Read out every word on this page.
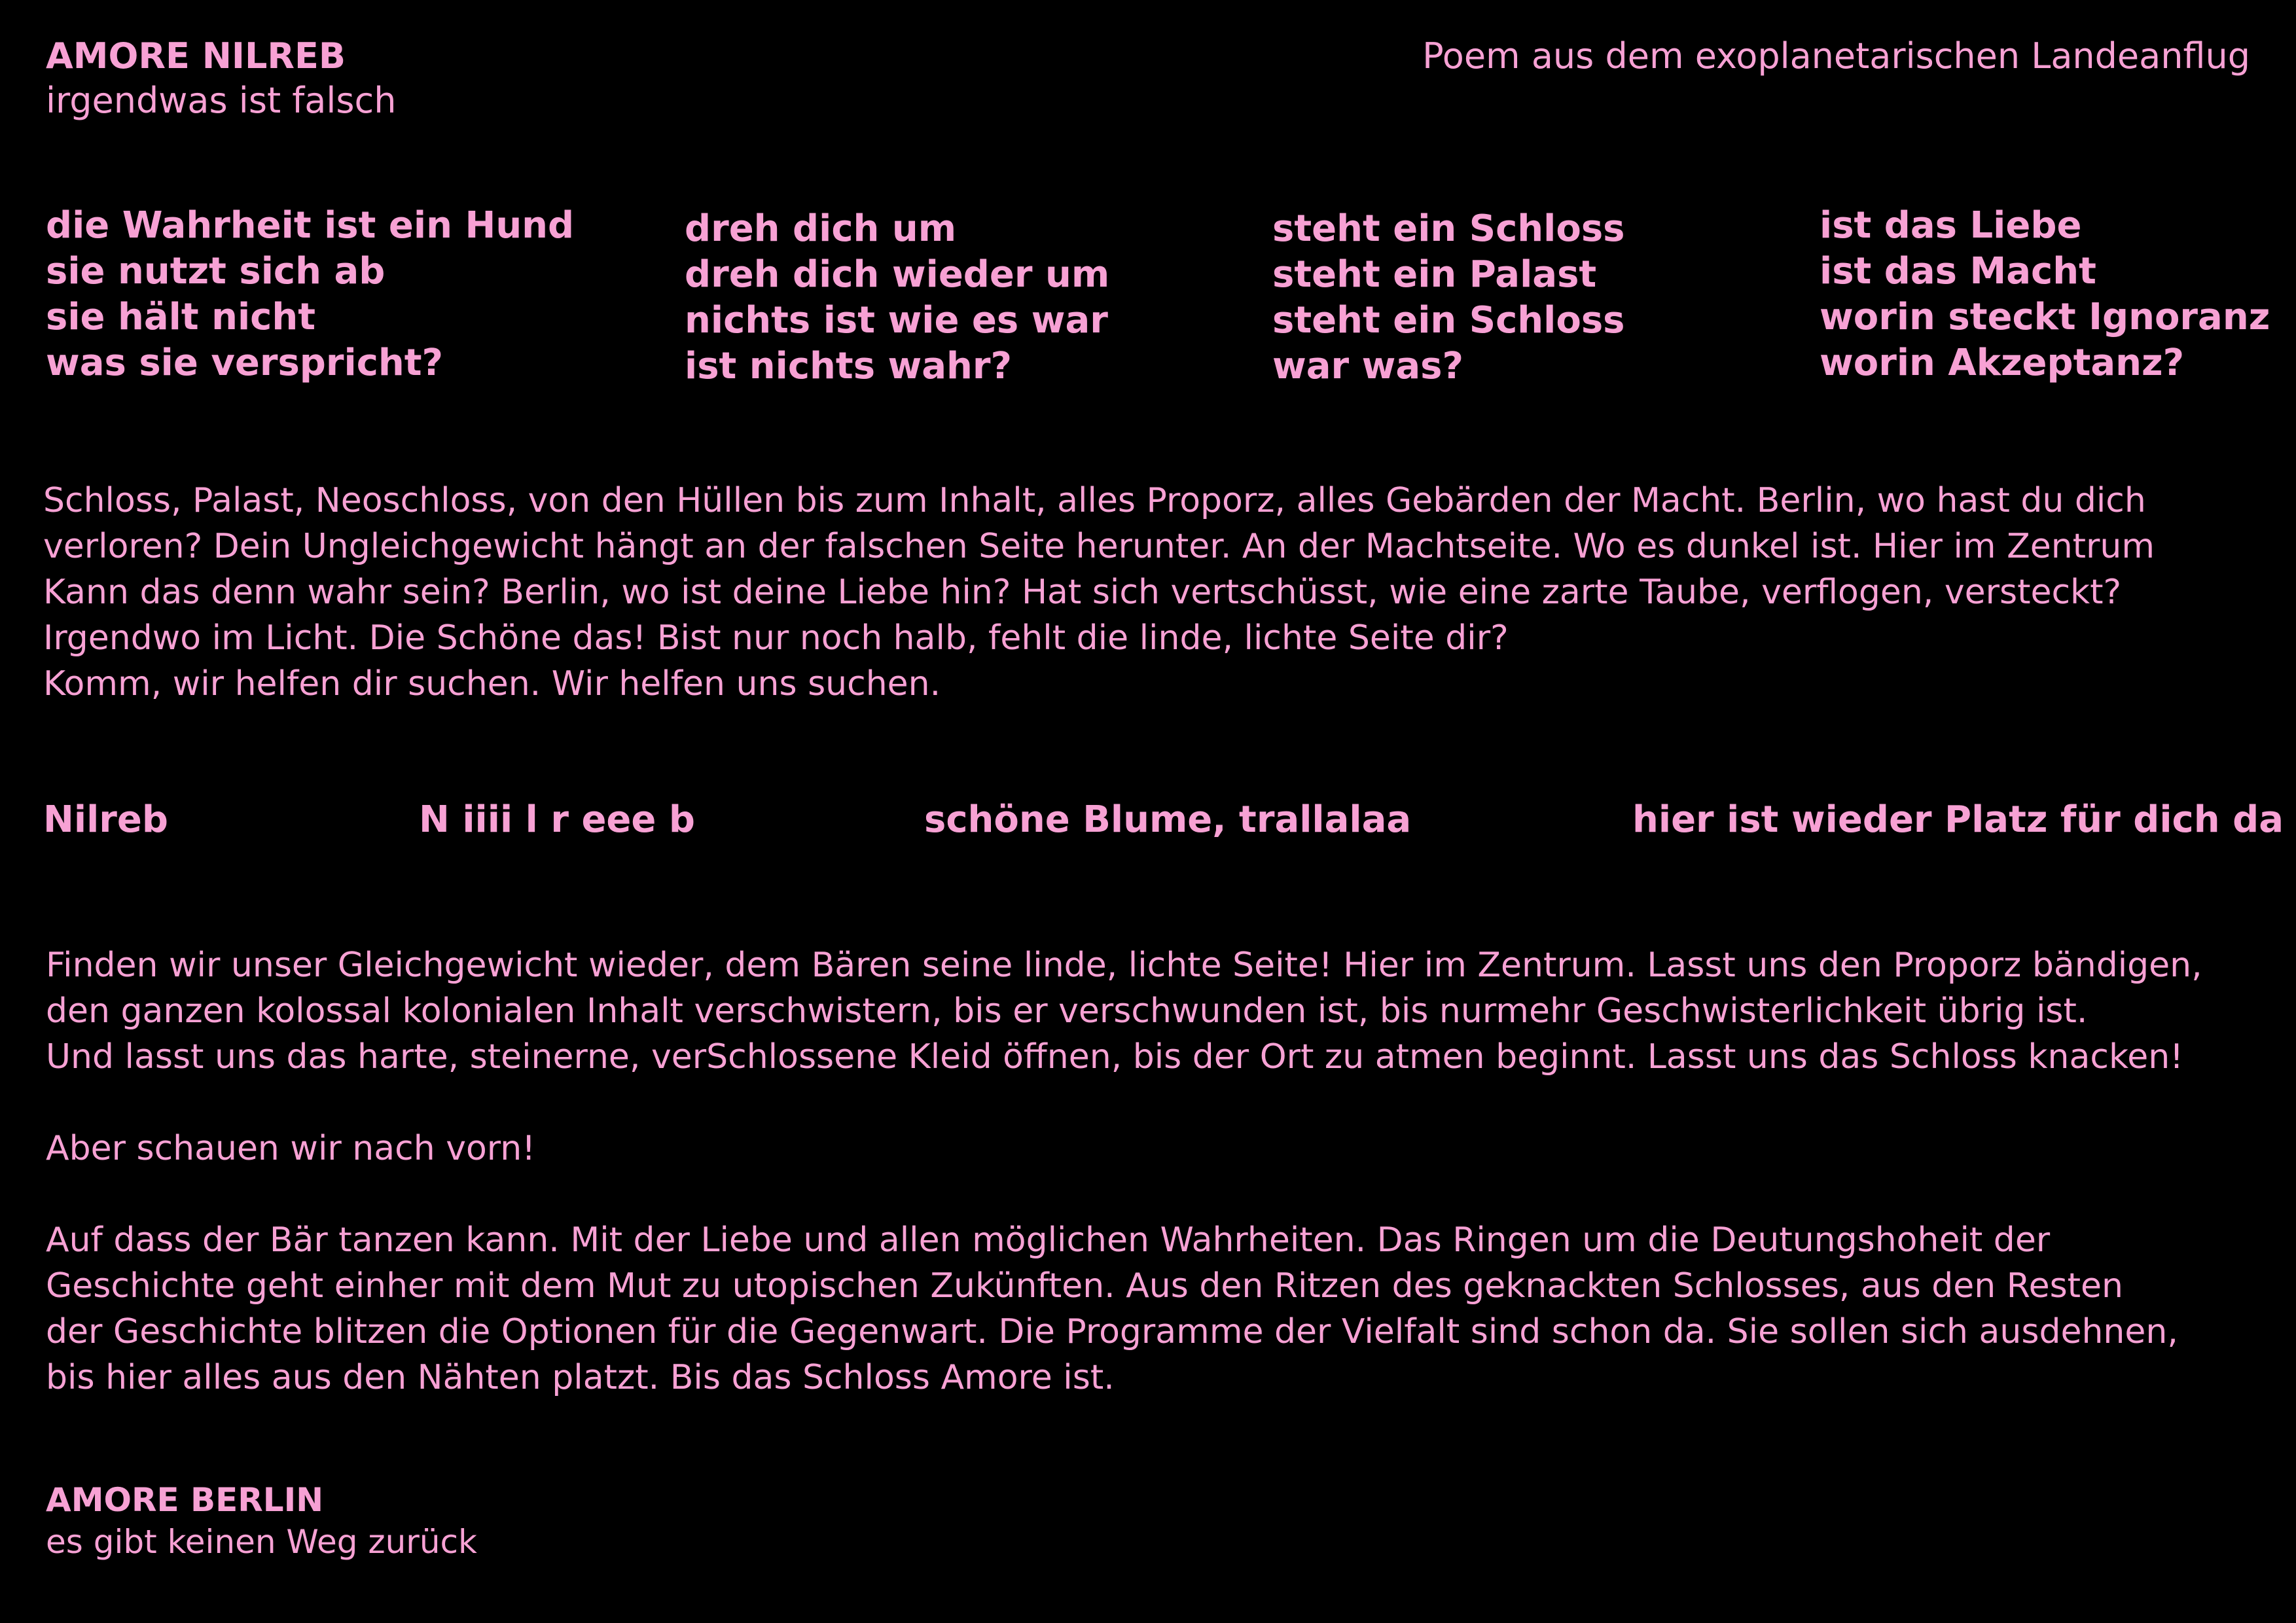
AMORE NILREB
irgendwas ist falsch
Poem aus dem exoplanetarischen Landeanflug
die Wahrheit ist ein Hund
sie nutzt sich ab
sie hält nicht
was sie verspricht?
dreh dich um
dreh dich wieder um
nichts ist wie es war
ist nichts wahr?
steht ein Schloss
steht ein Palast
steht ein Schloss
war was?
ist das Liebe
ist das Macht
worin steckt Ignoranz
worin Akzeptanz?
Schloss, Palast, Neoschloss, von den Hüllen bis zum Inhalt, alles Proporz, alles Gebärden der Macht. Berlin, wo hast du dich
verloren? Dein Ungleichgewicht hängt an der falschen Seite herunter. An der Machtseite. Wo es dunkel ist. Hier im Zentrum
Kann das denn wahr sein? Berlin, wo ist deine Liebe hin? Hat sich vertschüsst, wie eine zarte Taube, verflogen, versteckt?
Irgendwo im Licht. Die Schöne das! Bist nur noch halb, fehlt die linde, lichte Seite dir?
Komm, wir helfen dir suchen. Wir helfen uns suchen.
Nilreb	N iiii l r eee b	schöne Blume, trallalaa	hier ist wieder Platz für dich da
Finden wir unser Gleichgewicht wieder, dem Bären seine linde, lichte Seite! Hier im Zentrum. Lasst uns den Proporz bändigen,
den ganzen kolossal kolonialen Inhalt verschwistern, bis er verschwunden ist, bis nurmehr Geschwisterlichkeit übrig ist.
Und lasst uns das harte, steinerne, verSchlossene Kleid öffnen, bis der Ort zu atmen beginnt. Lasst uns das Schloss knacken!
Aber schauen wir nach vorn!
Auf dass der Bär tanzen kann. Mit der Liebe und allen möglichen Wahrheiten. Das Ringen um die Deutungshoheit der
Geschichte geht einher mit dem Mut zu utopischen Zukünften. Aus den Ritzen des geknackten Schlosses, aus den Resten
der Geschichte blitzen die Optionen für die Gegenwart. Die Programme der Vielfalt sind schon da. Sie sollen sich ausdehnen,
bis hier alles aus den Nähten platzt. Bis das Schloss Amore ist.
AMORE BERLIN
es gibt keinen Weg zurück
